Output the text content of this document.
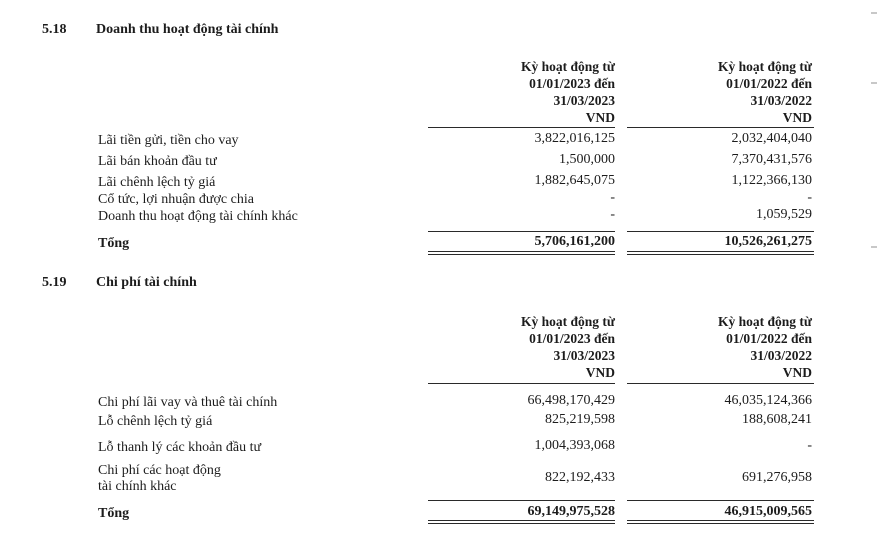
5.18 Doanh thu hoạt động tài chính
Kỳ hoạt động từ
01/01/2023 đến
31/03/2023
VND
Kỳ hoạt động từ
01/01/2022 đến
31/03/2022
VND
Lãi tiền gửi, tiền cho vay	3,822,016,125	2,032,404,040
Lãi bán khoản đầu tư	1,500,000	7,370,431,576
Lãi chênh lệch tỷ giá	1,882,645,075	1,122,366,130
Cổ tức, lợi nhuận được chia	-	-
Doanh thu hoạt động tài chính khác	-	1,059,529
Tổng	5,706,161,200	10,526,261,275
5.19 Chi phí tài chính
Kỳ hoạt động từ
01/01/2023 đến
31/03/2023
VND
Kỳ hoạt động từ
01/01/2022 đến
31/03/2022
VND
Chi phí lãi vay và thuê tài chính	66,498,170,429	46,035,124,366
Lỗ chênh lệch tỷ giá	825,219,598	188,608,241
Lỗ thanh lý các khoản đầu tư	1,004,393,068	-
Chi phí các hoạt động
tài chính khác
822,192,433	691,276,958
Tổng	69,149,975,528	46,915,009,565
